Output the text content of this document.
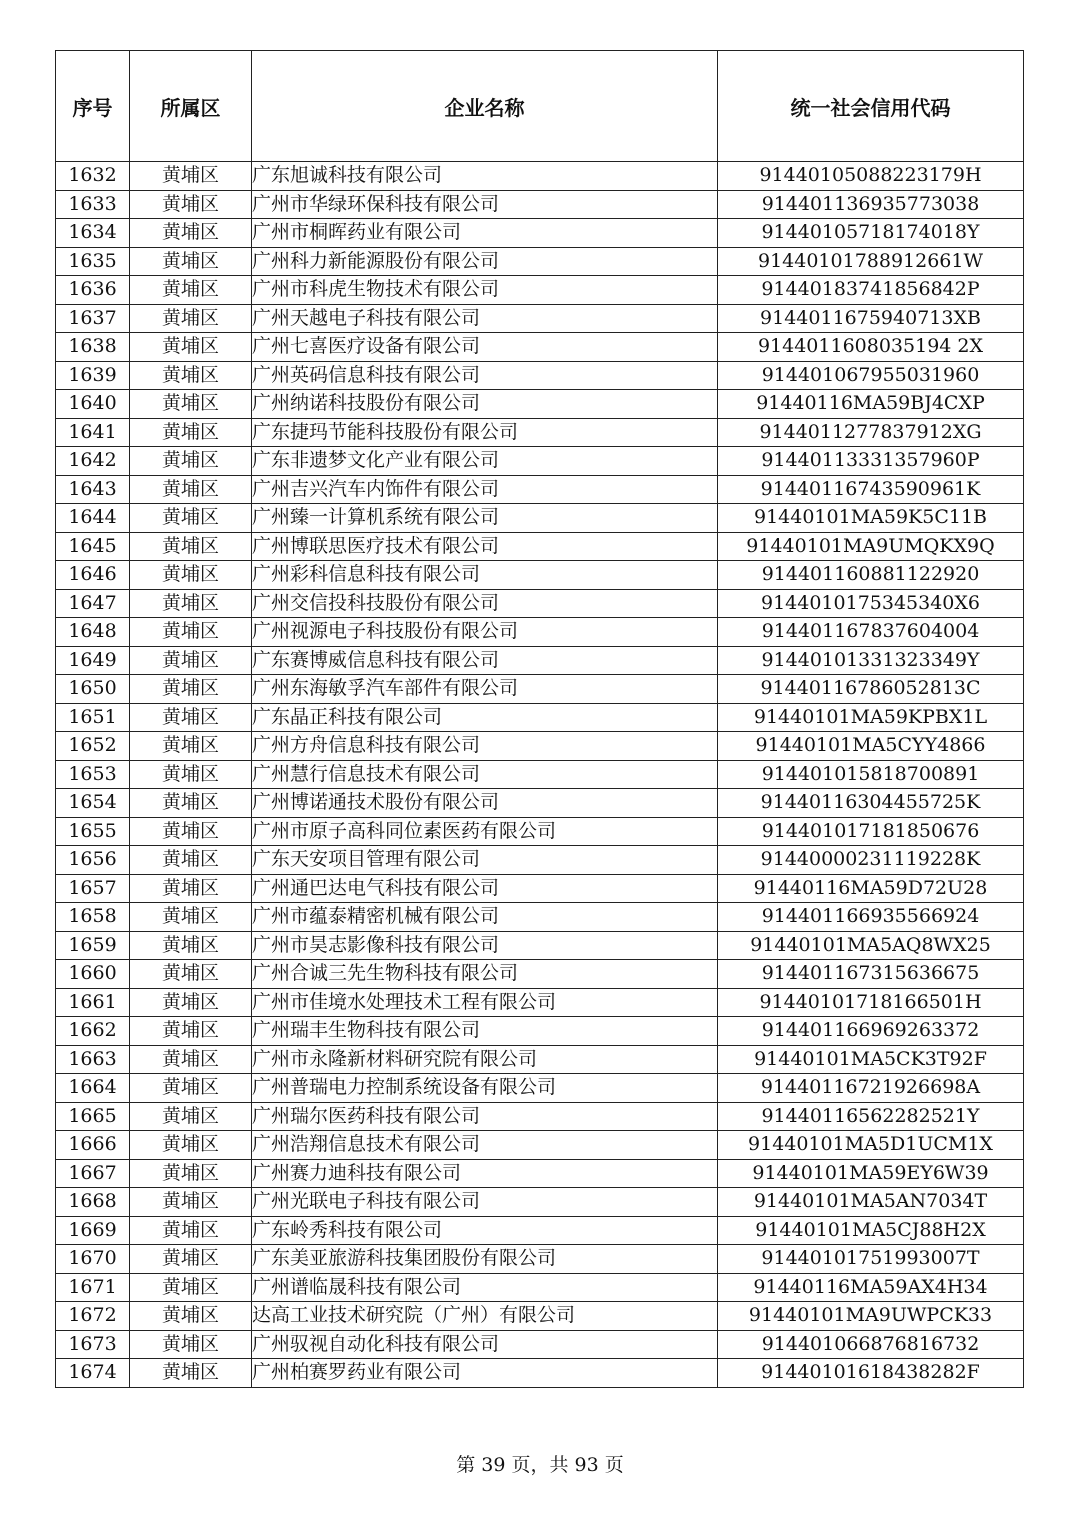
序号	所属区	企业名称	统一社会信用代码
1632	黄埔区	广东旭诚科技有限公司	91440105088223179H
1633	黄埔区	广州市华绿环保科技有限公司	914401136935773038
1634	黄埔区	广州市桐晖药业有限公司	91440105718174018Y
1635	黄埔区	广州科力新能源股份有限公司	91440101788912661W
1636	黄埔区	广州市科虎生物技术有限公司	91440183741856842P
1637	黄埔区	广州天越电子科技有限公司	9144011675940713XB
1638	黄埔区	广州七喜医疗设备有限公司	9144011608035194 2X
1639	黄埔区	广州英码信息科技有限公司	914401067955031960
1640	黄埔区	广州纳诺科技股份有限公司	91440116MA59BJ4CXP
1641	黄埔区	广东捷玛节能科技股份有限公司	9144011277837912XG
1642	黄埔区	广东非遗梦文化产业有限公司	91440113331357960P
1643	黄埔区	广州吉兴汽车内饰件有限公司	91440116743590961K
1644	黄埔区	广州臻一计算机系统有限公司	91440101MA59K5C11B
1645	黄埔区	广州博联思医疗技术有限公司	91440101MA9UMQKX9Q
1646	黄埔区	广州彩科信息科技有限公司	914401160881122920
1647	黄埔区	广州交信投科技股份有限公司	9144010175345340X6
1648	黄埔区	广州视源电子科技股份有限公司	914401167837604004
1649	黄埔区	广东赛博威信息科技有限公司	91440101331323349Y
1650	黄埔区	广州东海敏孚汽车部件有限公司	91440116786052813C
1651	黄埔区	广东晶正科技有限公司	91440101MA59KPBX1L
1652	黄埔区	广州方舟信息科技有限公司	91440101MA5CYY4866
1653	黄埔区	广州慧行信息技术有限公司	914401015818700891
1654	黄埔区	广州博诺通技术股份有限公司	91440116304455725K
1655	黄埔区	广州市原子高科同位素医药有限公司	914401017181850676
1656	黄埔区	广东天安项目管理有限公司	91440000231119228K
1657	黄埔区	广州通巴达电气科技有限公司	91440116MA59D72U28
1658	黄埔区	广州市蕴泰精密机械有限公司	914401166935566924
1659	黄埔区	广州市昊志影像科技有限公司	91440101MA5AQ8WX25
1660	黄埔区	广州合诚三先生物科技有限公司	914401167315636675
1661	黄埔区	广州市佳境水处理技术工程有限公司	91440101718166501H
1662	黄埔区	广州瑞丰生物科技有限公司	914401166969263372
1663	黄埔区	广州市永隆新材料研究院有限公司	91440101MA5CK3T92F
1664	黄埔区	广州普瑞电力控制系统设备有限公司	91440116721926698A
1665	黄埔区	广州瑞尔医药科技有限公司	91440116562282521Y
1666	黄埔区	广州浩翔信息技术有限公司	91440101MA5D1UCM1X
1667	黄埔区	广州赛力迪科技有限公司	91440101MA59EY6W39
1668	黄埔区	广州光联电子科技有限公司	91440101MA5AN7034T
1669	黄埔区	广东岭秀科技有限公司	91440101MA5CJ88H2X
1670	黄埔区	广东美亚旅游科技集团股份有限公司	91440101751993007T
1671	黄埔区	广州谱临晟科技有限公司	91440116MA59AX4H34
1672	黄埔区	达高工业技术研究院（广州）有限公司	91440101MA9UWPCK33
1673	黄埔区	广州驭视自动化科技有限公司	914401066876816732
1674	黄埔区	广州柏赛罗药业有限公司	91440101618438282F
第 39 页，共 93 页
